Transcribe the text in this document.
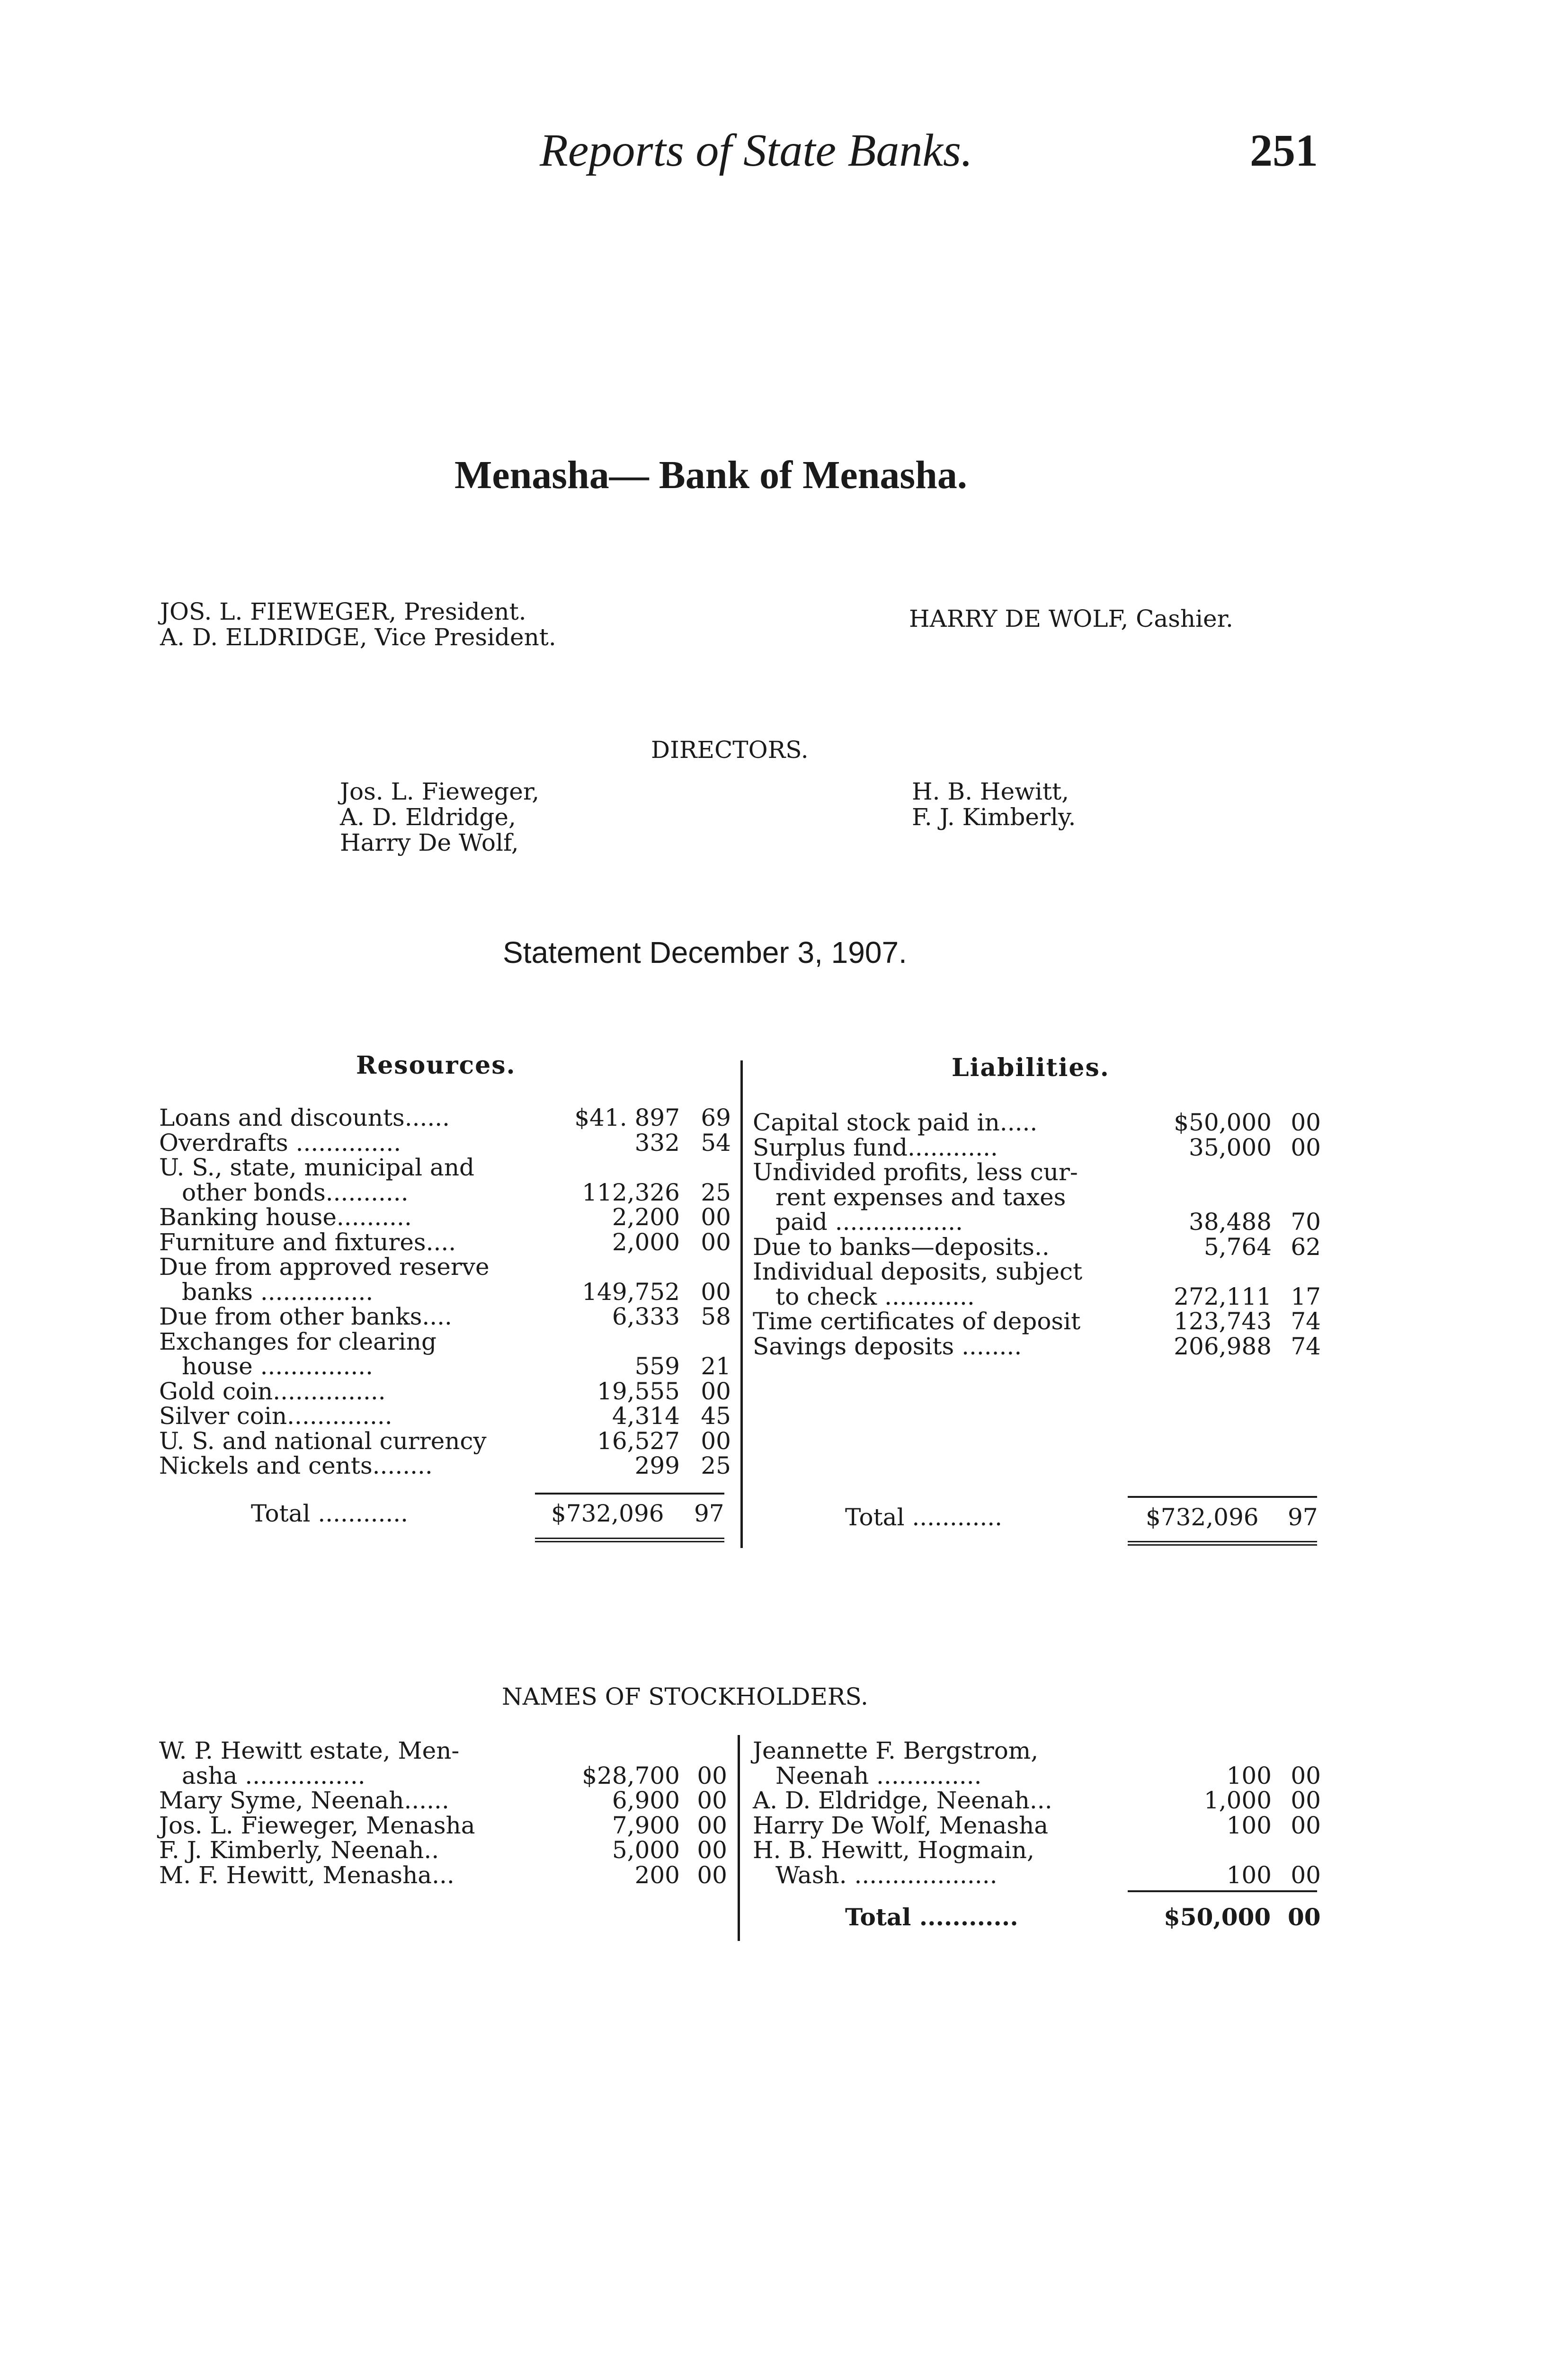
Reports of State Banks.	251
Menasha— Bank of Menasha.
JOS. L. FIEWEGER, President.
A. D. ELDRIDGE, Vice President.
HARRY DE WOLF, Cashier.
DIRECTORS.
Jos. L. Fieweger,
A. D. Eldridge,
Harry De Wolf,
H. B. Hewitt,
F. J. Kimberly.
Statement December 3, 1907.
Resources.	Liabilities.
Loans and discounts......	$41. 897	69
Overdrafts ..............	332	54
U. S., state, municipal and		
other bonds...........	112,326	25
Banking house..........	2,200	00
Furniture and fixtures....	2,000	00
Due from approved reserve		
banks ...............	149,752	00
Due from other banks....	6,333	58
Exchanges for clearing		
house ...............	559	21
Gold coin...............	19,555	00
Silver coin..............	4,314	45
U. S. and national currency	16,527	00
Nickels and cents........	299	25
Total ............	$732,096 97
Capital stock paid in.....	$50,000	00
Surplus fund............	35,000	00
Undivided profits, less cur-		
rent expenses and taxes		
paid .................	38,488	70
Due to banks—deposits..	5,764	62
Individual deposits, subject		
to check ............	272,111	17
Time certificates of deposit	123,743	74
Savings deposits ........	206,988	74
Total ............	$732,096 97
NAMES OF STOCKHOLDERS.
W. P. Hewitt estate, Men-		
asha ................	$28,700	00
Mary Syme, Neenah......	6,900	00
Jos. L. Fieweger, Menasha	7,900	00
F. J. Kimberly, Neenah..	5,000	00
M. F. Hewitt, Menasha...	200	00
Jeannette F. Bergstrom,		
Neenah ..............	100	00
A. D. Eldridge, Neenah...	1,000	00
Harry De Wolf, Menasha	100	00
H. B. Hewitt, Hogmain,		
Wash. ...................	100	00
Total ............	$50,000 00
